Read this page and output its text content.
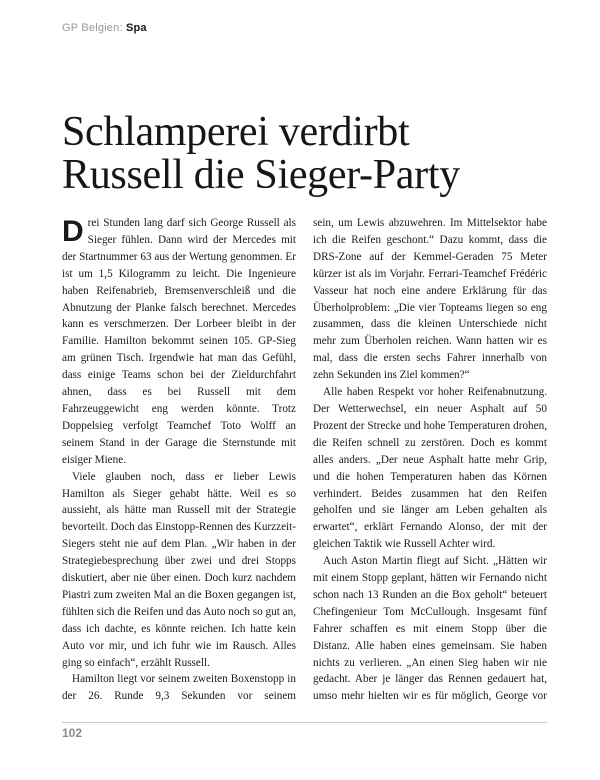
GP Belgien: Spa
Schlamperei verdirbt
Russell die Sieger-Party

Drei Stunden lang darf sich George Russell als Sieger fühlen. Dann wird der Mercedes mit der Startnummer 63 aus der Wertung genommen. Er ist um 1,5 Kilogramm zu leicht. Die Ingenieure haben Reifenabrieb, Bremsenverschleiß und die Abnutzung der Planke falsch berechnet. Mercedes kann es verschmerzen. Der Lorbeer bleibt in der Familie. Hamilton bekommt seinen 105. GP-Sieg am grünen Tisch. Irgendwie hat man das Gefühl, dass einige Teams schon bei der Zieldurchfahrt ahnen, dass es bei Russell mit dem Fahrzeuggewicht eng werden könnte. Trotz Doppelsieg verfolgt Teamchef Toto Wolff an seinem Stand in der Garage die Sternstunde mit eisiger Miene.

Viele glauben noch, dass er lieber Lewis Hamilton als Sieger gehabt hätte. Weil es so aussieht, als hätte man Russell mit der Strategie bevorteilt. Doch das Einstopp-Rennen des Kurzzeit-Siegers steht nie auf dem Plan. „Wir haben in der Strategiebesprechung über zwei und drei Stopps diskutiert, aber nie über einen. Doch kurz nachdem Piastri zum zweiten Mal an die Boxen gegangen ist, fühlten sich die Reifen und das Auto noch so gut an, dass ich dachte, es könnte reichen. Ich hatte kein Auto vor mir, und ich fuhr wie im Rausch. Alles ging so einfach“, erzählt Russell.

Hamilton liegt vor seinem zweiten Boxenstopp in der 26. Runde 9,3 Sekunden vor seinem

sein, um Lewis abzuwehren. Im Mittelsektor habe ich die Reifen geschont.“ Dazu kommt, dass die DRS-Zone auf der Kemmel-Geraden 75 Meter kürzer ist als im Vorjahr. Ferrari-Teamchef Frédéric Vasseur hat noch eine andere Erklärung für das Überholproblem: „Die vier Topteams liegen so eng zusammen, dass die kleinen Unterschiede nicht mehr zum Überholen reichen. Wann hatten wir es mal, dass die ersten sechs Fahrer innerhalb von zehn Sekunden ins Ziel kommen?“

Alle haben Respekt vor hoher Reifenabnutzung. Der Wetterwechsel, ein neuer Asphalt auf 50 Prozent der Strecke und hohe Temperaturen drohen, die Reifen schnell zu zerstören. Doch es kommt alles anders. „Der neue Asphalt hatte mehr Grip, und die hohen Temperaturen haben das Körnen verhindert. Beides zusammen hat den Reifen geholfen und sie länger am Leben gehalten als erwartet“, erklärt Fernando Alonso, der mit der gleichen Taktik wie Russell Achter wird.

Auch Aston Martin fliegt auf Sicht. „Hätten wir mit einem Stopp geplant, hätten wir Fernando nicht schon nach 13 Runden an die Box geholt“ beteuert Chefingenieur Tom McCullough. Insgesamt fünf Fahrer schaffen es mit einem Stopp über die Distanz. Alle haben eines gemeinsam. Sie haben nichts zu verlieren. „An einen Sieg haben wir nie gedacht. Aber je länger das Rennen gedauert hat, umso mehr hielten wir es für möglich, George vor

102
